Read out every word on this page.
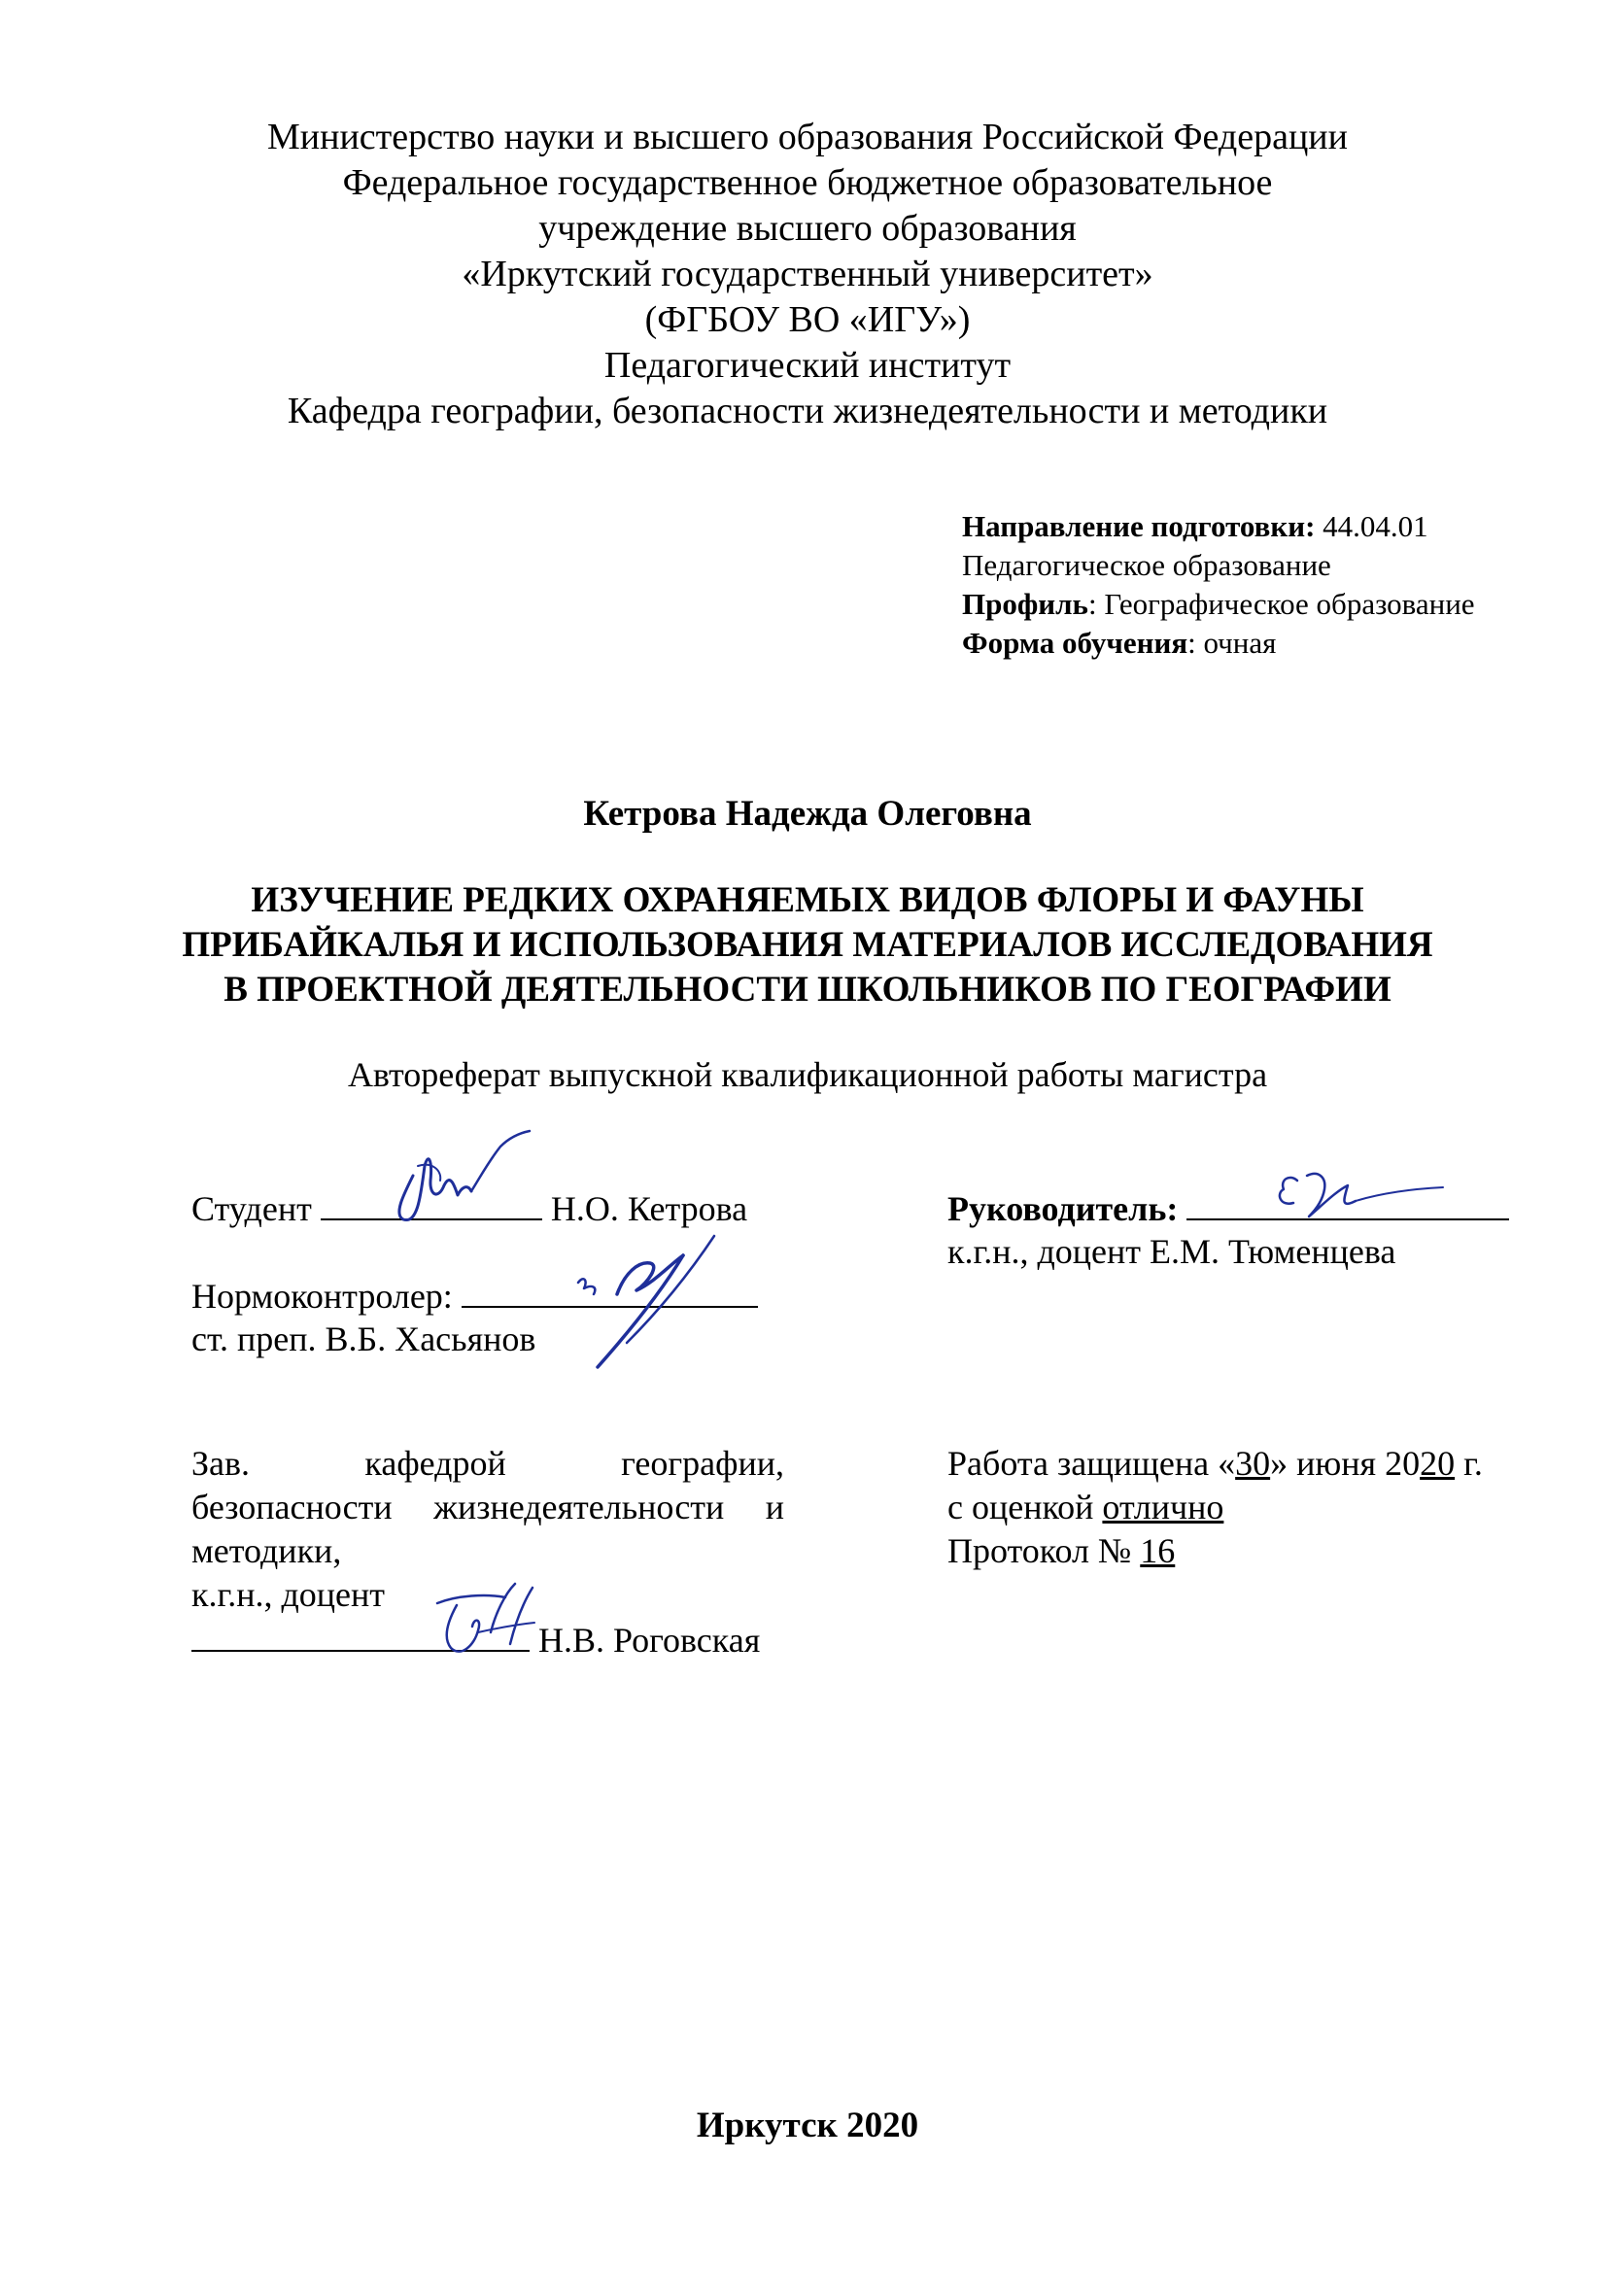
Министерство науки и высшего образования Российской Федерации
Федеральное государственное бюджетное образовательное
учреждение высшего образования
«Иркутский государственный университет»
(ФГБОУ ВО «ИГУ»)
Педагогический институт
Кафедра географии, безопасности жизнедеятельности и методики
Направление подготовки: 44.04.01
Педагогическое образование
Профиль: Географическое образование
Форма обучения: очная
Кетрова Надежда Олеговна
ИЗУЧЕНИЕ РЕДКИХ ОХРАНЯЕМЫХ ВИДОВ ФЛОРЫ И ФАУНЫ
ПРИБАЙКАЛЬЯ И ИСПОЛЬЗОВАНИЯ МАТЕРИАЛОВ ИССЛЕДОВАНИЯ
В ПРОЕКТНОЙ ДЕЯТЕЛЬНОСТИ ШКОЛЬНИКОВ ПО ГЕОГРАФИИ
Автореферат выпускной квалификационной работы магистра
Студент	Н.О. Кетрова	Руководитель:
к.г.н., доцент Е.М. Тюменцева
Нормоконтролер:
ст. преп. В.Б. Хасьянов
Зав.	кафедрой	географии,
безопасности жизнедеятельности и
методики,
к.г.н., доцент
Н.В. Роговская
Работа защищена «30» июня 2020 г.
с оценкой отлично
Протокол № 16
Иркутск 2020
